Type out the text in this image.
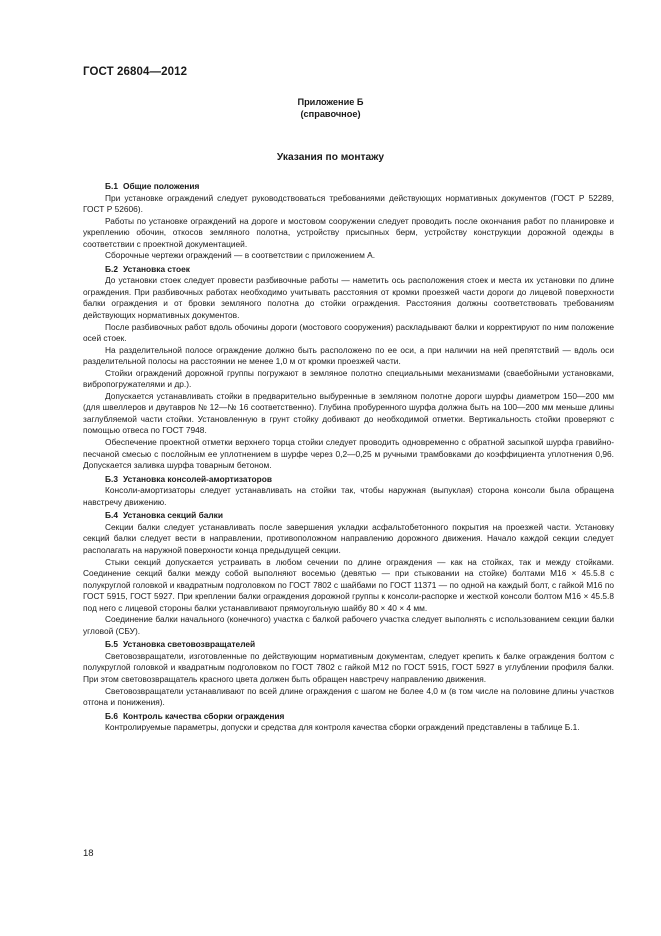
ГОСТ 26804—2012
Приложение Б
(справочное)
Указания по монтажу
Б.1 Общие положения

При установке ограждений следует руководствоваться требованиями действующих нормативных документов (ГОСТ Р 52289, ГОСТ Р 52606).

Работы по установке ограждений на дороге и мостовом сооружении следует проводить после окончания работ по планировке и укреплению обочин, откосов земляного полотна, устройству присыпных берм, устройству конструкции дорожной одежды в соответствии с проектной документацией.

Сборочные чертежи ограждений — в соответствии с приложением А.

Б.2 Установка стоек

До установки стоек следует провести разбивочные работы — наметить ось расположения стоек и места их установки по длине ограждения. При разбивочных работах необходимо учитывать расстояния от кромки проезжей части дороги до лицевой поверхности балки ограждения и от бровки земляного полотна до стойки ограждения. Расстояния должны соответствовать требованиям действующих нормативных документов.

После разбивочных работ вдоль обочины дороги (мостового сооружения) раскладывают балки и корректируют по ним положение осей стоек.

На разделительной полосе ограждение должно быть расположено по ее оси, а при наличии на ней препятствий — вдоль оси разделительной полосы на расстоянии не менее 1,0 м от кромки проезжей части.

Стойки ограждений дорожной группы погружают в земляное полотно специальными механизмами (сваебойными установками, вибропогружателями и др.).

Допускается устанавливать стойки в предварительно выбуренные в земляном полотне дороги шурфы диаметром 150—200 мм (для швеллеров и двутавров № 12—№ 16 соответственно). Глубина пробуренного шурфа должна быть на 100—200 мм меньше длины заглубляемой части стойки. Установленную в грунт стойку добивают до необходимой отметки. Вертикальность стойки проверяют с помощью отвеса по ГОСТ 7948.

Обеспечение проектной отметки верхнего торца стойки следует проводить одновременно с обратной засыпкой шурфа гравийно-песчаной смесью с послойным ее уплотнением в шурфе через 0,2—0,25 м ручными трамбовками до коэффициента уплотнения 0,96. Допускается заливка шурфа товарным бетоном.

Б.3 Установка консолей-амортизаторов

Консоли-амортизаторы следует устанавливать на стойки так, чтобы наружная (выпуклая) сторона консоли была обращена навстречу движению.

Б.4 Установка секций балки

Секции балки следует устанавливать после завершения укладки асфальтобетонного покрытия на проезжей части. Установку секций балки следует вести в направлении, противоположном направлению дорожного движения. Начало каждой секции следует располагать на наружной поверхности конца предыдущей секции.

Стыки секций допускается устраивать в любом сечении по длине ограждения — как на стойках, так и между стойками. Соединение секций балки между собой выполняют восемью (девятью — при стыковании на стойке) болтами М16 × 45.5.8 с полукруглой головкой и квадратным подголовком по ГОСТ 7802 с шайбами по ГОСТ 11371 — по одной на каждый болт, с гайкой М16 по ГОСТ 5915, ГОСТ 5927. При креплении балки ограждения дорожной группы к консоли-распорке и жесткой консоли болтом М16 × 45.5.8 под него с лицевой стороны балки устанавливают прямоугольную шайбу 80 × 40 × 4 мм.

Соединение балки начального (конечного) участка с балкой рабочего участка следует выполнять с использованием секции балки угловой (СБУ).

Б.5 Установка световозвращателей

Световозвращатели, изготовленные по действующим нормативным документам, следует крепить к балке ограждения болтом с полукруглой головкой и квадратным подголовком по ГОСТ 7802 с гайкой М12 по ГОСТ 5915, ГОСТ 5927 в углублении профиля балки. При этом световозвращатель красного цвета должен быть обращен навстречу направлению движения.

Световозвращатели устанавливают по всей длине ограждения с шагом не более 4,0 м (в том числе на половине длины участков отгона и понижения).

Б.6 Контроль качества сборки ограждения

Контролируемые параметры, допуски и средства для контроля качества сборки ограждений представлены в таблице Б.1.

18
